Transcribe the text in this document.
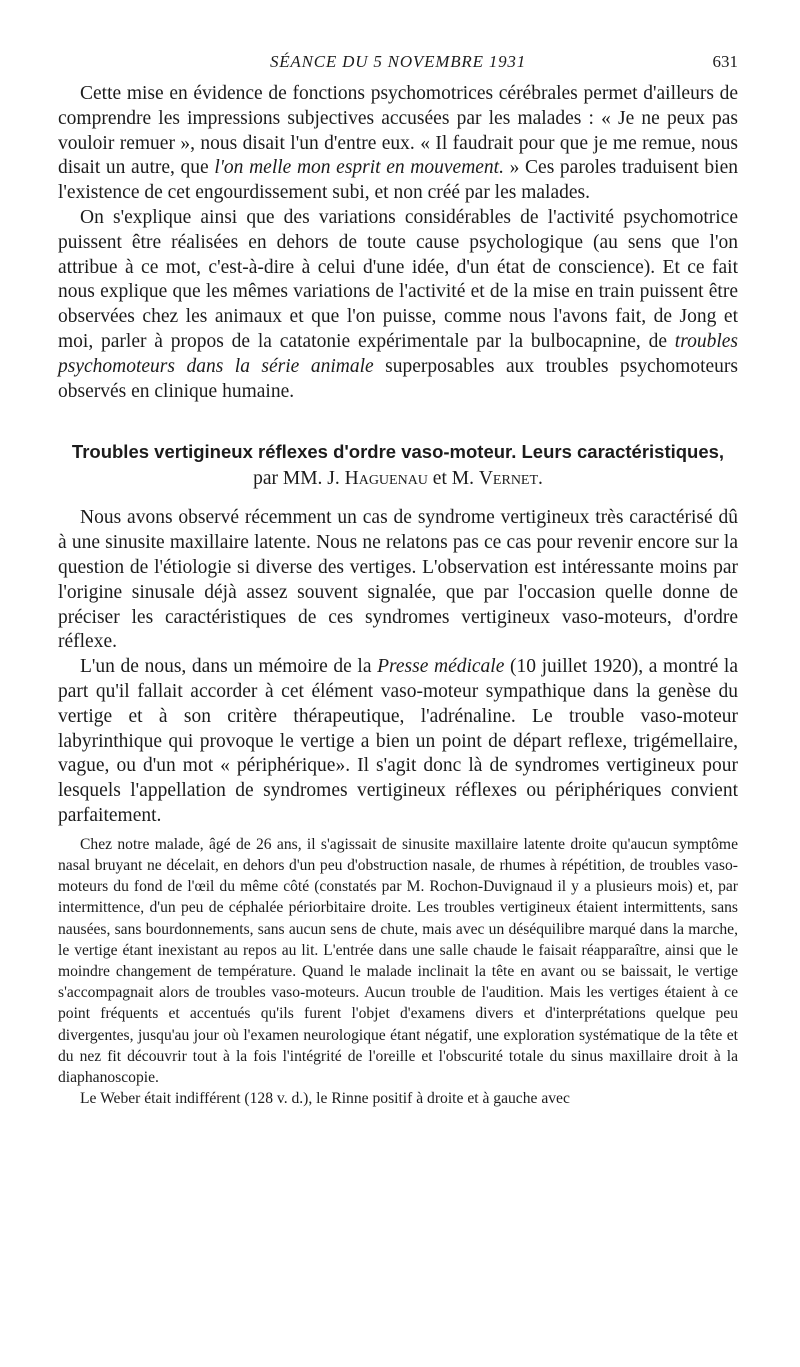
SÉANCE DU 5 NOVEMBRE 1931	631

Cette mise en évidence de fonctions psychomotrices cérébrales permet d'ailleurs de comprendre les impressions subjectives accusées par les malades : « Je ne peux pas vouloir remuer », nous disait l'un d'entre eux. « Il faudrait pour que je me remue, nous disait un autre, que l'on melle mon esprit en mouvement. » Ces paroles traduisent bien l'existence de cet engourdissement subi, et non créé par les malades.

On s'explique ainsi que des variations considérables de l'activité psychomotrice puissent être réalisées en dehors de toute cause psychologique (au sens que l'on attribue à ce mot, c'est-à-dire à celui d'une idée, d'un état de conscience). Et ce fait nous explique que les mêmes variations de l'activité et de la mise en train puissent être observées chez les animaux et que l'on puisse, comme nous l'avons fait, de Jong et moi, parler à propos de la catatonie expérimentale par la bulbocapnine, de troubles psychomoteurs dans la série animale superposables aux troubles psychomoteurs observés en clinique humaine.

Troubles vertigineux réflexes d'ordre vaso-moteur. Leurs caractéristiques, par MM. J. Haguenau et M. Vernet.

Nous avons observé récemment un cas de syndrome vertigineux très caractérisé dû à une sinusite maxillaire latente. Nous ne relatons pas ce cas pour revenir encore sur la question de l'étiologie si diverse des vertiges. L'observation est intéressante moins par l'origine sinusale déjà assez souvent signalée, que par l'occasion quelle donne de préciser les caractéristiques de ces syndromes vertigineux vaso-moteurs, d'ordre réflexe.

L'un de nous, dans un mémoire de la Presse médicale (10 juillet 1920), a montré la part qu'il fallait accorder à cet élément vaso-moteur sympathique dans la genèse du vertige et à son critère thérapeutique, l'adrénaline. Le trouble vaso-moteur labyrinthique qui provoque le vertige a bien un point de départ reflexe, trigémellaire, vague, ou d'un mot « périphérique». Il s'agit donc là de syndromes vertigineux pour lesquels l'appellation de syndromes vertigineux réflexes ou périphériques convient parfaitement.

Chez notre malade, âgé de 26 ans, il s'agissait de sinusite maxillaire latente droite qu'aucun symptôme nasal bruyant ne décelait, en dehors d'un peu d'obstruction nasale, de rhumes à répétition, de troubles vaso-moteurs du fond de l'œil du même côté (constatés par M. Rochon-Duvignaud il y a plusieurs mois) et, par intermittence, d'un peu de céphalée périorbitaire droite. Les troubles vertigineux étaient intermittents, sans nausées, sans bourdonnements, sans aucun sens de chute, mais avec un déséquilibre marqué dans la marche, le vertige étant inexistant au repos au lit. L'entrée dans une salle chaude le faisait réapparaître, ainsi que le moindre changement de température. Quand le malade inclinait la tête en avant ou se baissait, le vertige s'accompagnait alors de troubles vaso-moteurs. Aucun trouble de l'audition. Mais les vertiges étaient à ce point fréquents et accentués qu'ils furent l'objet d'examens divers et d'interprétations quelque peu divergentes, jusqu'au jour où l'examen neurologique étant négatif, une exploration systématique de la tête et du nez fit découvrir tout à la fois l'intégrité de l'oreille et l'obscurité totale du sinus maxillaire droit à la diaphanoscopie.

Le Weber était indifférent (128 v. d.), le Rinne positif à droite et à gauche avec
